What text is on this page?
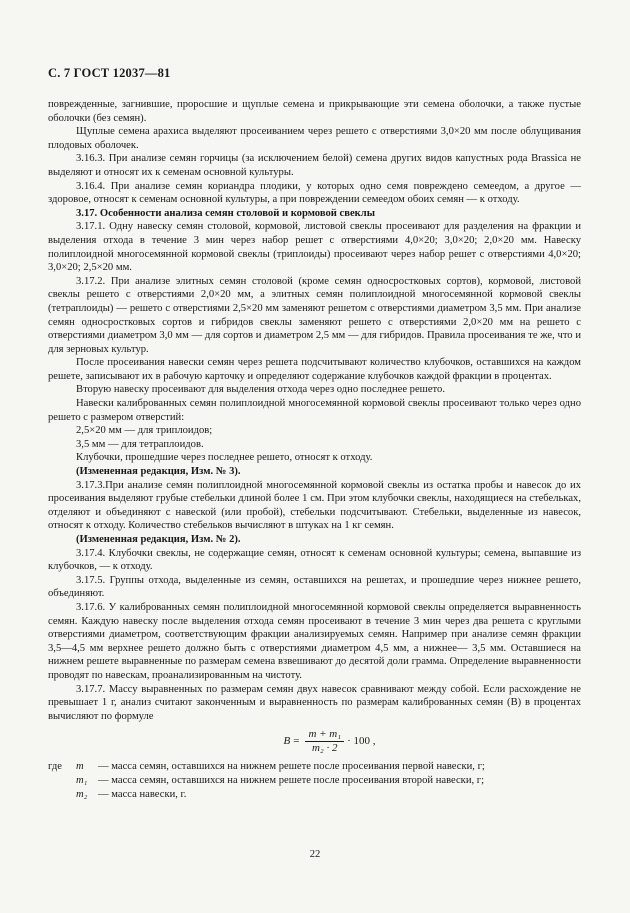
С. 7 ГОСТ 12037—81

поврежденные, загнившие, проросшие и щуплые семена и прикрывающие эти семена оболочки, а также пустые оболочки (без семян).

Щуплые семена арахиса выделяют просеиванием через решето с отверстиями 3,0×20 мм после облущивания плодовых оболочек.

3.16.3. При анализе семян горчицы (за исключением белой) семена других видов капустных рода Brassica не выделяют и относят их к семенам основной культуры.

3.16.4. При анализе семян кориандра плодики, у которых одно семя повреждено семеедом, а другое — здоровое, относят к семенам основной культуры, а при повреждении семеедом обоих семян — к отходу.

3.17. Особенности анализа семян столовой и кормовой свеклы

3.17.1. Одну навеску семян столовой, кормовой, листовой свеклы просеивают для разделения на фракции и выделения отхода в течение 3 мин через набор решет с отверстиями 4,0×20; 3,0×20; 2,0×20 мм. Навеску полиплоидной многосемянной кормовой свеклы (триплоиды) просеивают через набор решет с отверстиями 4,0×20; 3,0×20; 2,5×20 мм.

3.17.2. При анализе элитных семян столовой (кроме семян односростковых сортов), кормовой, листовой свеклы решето с отверстиями 2,0×20 мм, а элитных семян полиплоидной многосемянной кормовой свеклы (тетраплоиды) — решето с отверстиями 2,5×20 мм заменяют решетом с отверстиями диаметром 3,5 мм. При анализе семян односростковых сортов и гибридов свеклы заменяют решето с отверстиями 2,0×20 мм на решето с отверстиями диаметром 3,0 мм — для сортов и диаметром 2,5 мм — для гибридов. Правила просеивания те же, что и для зерновых культур.

После просеивания навески семян через решета подсчитывают количество клубочков, оставшихся на каждом решете, записывают их в рабочую карточку и определяют содержание клубочков каждой фракции в процентах.

Вторую навеску просеивают для выделения отхода через одно последнее решето.

Навески калиброванных семян полиплоидной многосемянной кормовой свеклы просеивают только через одно решето с размером отверстий:

2,5×20 мм — для триплоидов;

3,5 мм — для тетраплоидов.

Клубочки, прошедшие через последнее решето, относят к отходу.

(Измененная редакция, Изм. № 3).

3.17.3.При анализе семян полиплоидной многосемянной кормовой свеклы из остатка пробы и навесок до их просеивания выделяют грубые стебельки длиной более 1 см. При этом клубочки свеклы, находящиеся на стебельках, отделяют и объединяют с навеской (или пробой), стебельки подсчитывают. Стебельки, выделенные из навесок, относят к отходу. Количество стебельков вычисляют в штуках на 1 кг семян.

(Измененная редакция, Изм. № 2).

3.17.4. Клубочки свеклы, не содержащие семян, относят к семенам основной культуры; семена, выпавшие из клубочков, — к отходу.

3.17.5. Группы отхода, выделенные из семян, оставшихся на решетах, и прошедшие через нижнее решето, объединяют.

3.17.6. У калиброванных семян полиплоидной многосемянной кормовой свеклы определяется выравненность семян. Каждую навеску после выделения отхода семян просеивают в течение 3 мин через два решета с круглыми отверстиями диаметром, соответствующим фракции анализируемых семян. Например при анализе семян фракции 3,5—4,5 мм верхнее решето должно быть с отверстиями диаметром 4,5 мм, а нижнее— 3,5 мм. Оставшиеся на нижнем решете выравненные по размерам семена взвешивают до десятой доли грамма. Определение выравненности проводят по навескам, проанализированным на чистоту.

3.17.7. Массу выравненных по размерам семян двух навесок сравнивают между собой. Если расхождение не превышает 1 г, анализ считают законченным и выравненность по размерам калиброванных семян (B) в процентах вычисляют по формуле

$B = \frac{\text{m + m₁}}{\text{m₂ · 2}} \cdot 100$ ,
где	m	— масса семян, оставшихся на нижнем решете после просеивания первой навески, г;
m₁	— масса семян, оставшихся на нижнем решете после просеивания второй навески, г;
m₂	— масса навески, г.
22
